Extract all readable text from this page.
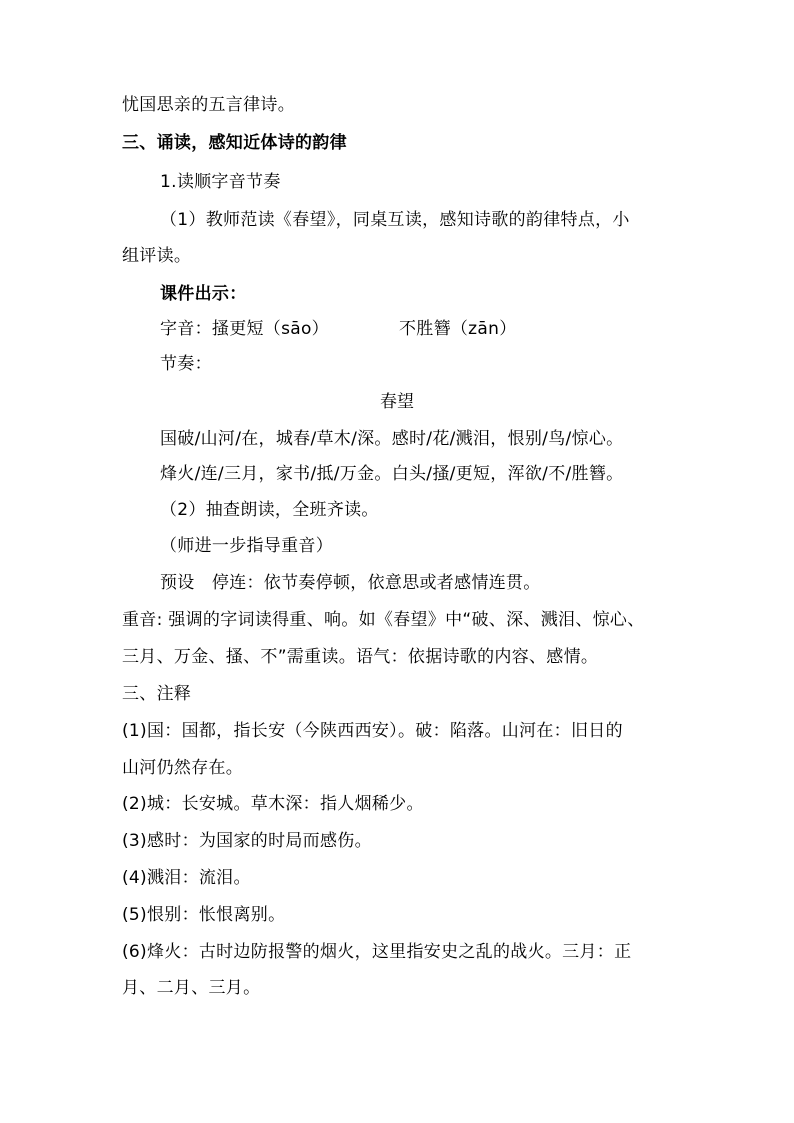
忧国思亲的五言律诗。
三、诵读，感知近体诗的韵律
1.读顺字音节奏
（1）教师范读《春望》，同桌互读，感知诗歌的韵律特点，小
组评读。
课件出示：
字音：搔更短（sāo）	不胜簪（zān）
节奏：
春望
国破/山河/在，城春/草木/深。感时/花/溅泪，恨别/鸟/惊心。
烽火/连/三月，家书/抵/万金。白头/搔/更短，浑欲/不/胜簪。
（2）抽查朗读，全班齐读。
（师进一步指导重音）
预设　停连：依节奏停顿，依意思或者感情连贯。
重音: 强调的字词读得重、响。如《春望》中“破、深、溅泪、惊心、
三月、万金、搔、不”需重读。语气：依据诗歌的内容、感情。
三、注释
(1)国：国都，指长安（今陕西西安）。破：陷落。山河在：旧日的
山河仍然存在。
(2)城：长安城。草木深：指人烟稀少。
(3)感时：为国家的时局而感伤。
(4)溅泪：流泪。
(5)恨别：怅恨离别。
(6)烽火：古时边防报警的烟火，这里指安史之乱的战火。三月：正
月、二月、三月。
